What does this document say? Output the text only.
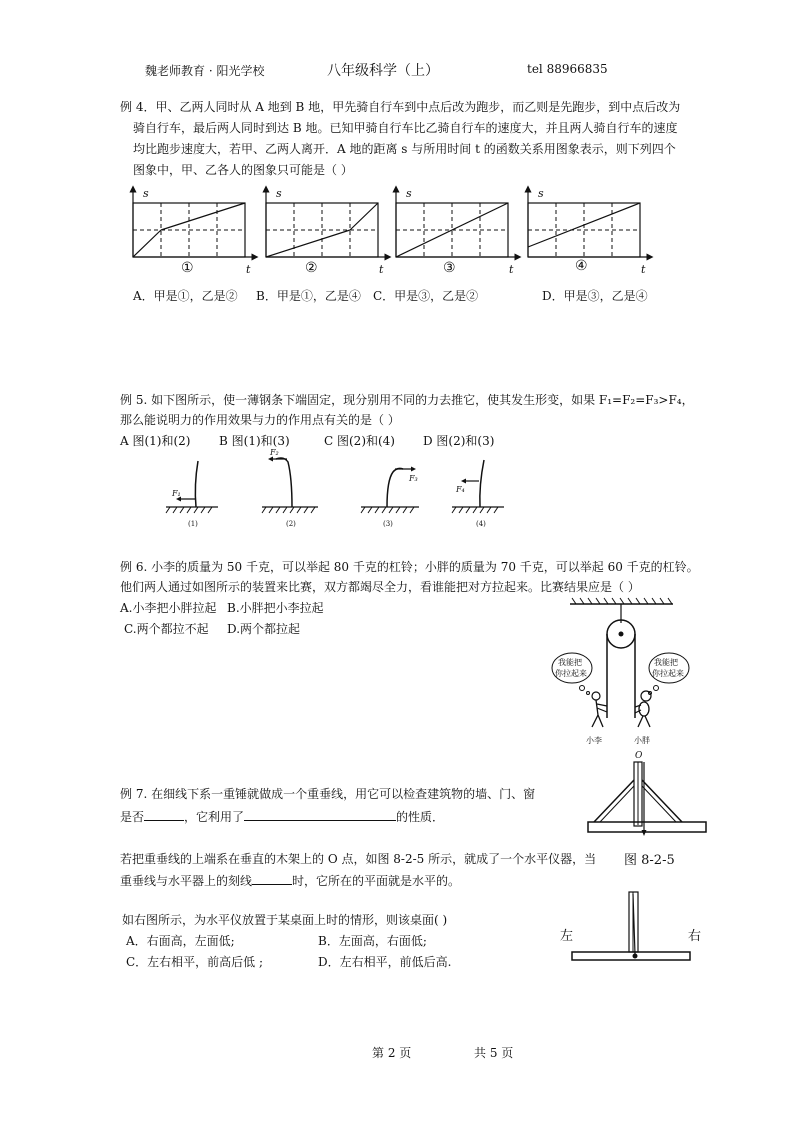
魏老师教育 · 阳光学校	八年级科学（上）	tel 88966835
例 4．甲、乙两人同时从 A 地到 B 地，甲先骑自行车到中点后改为跑步，而乙则是先跑步，到中点后改为
骑自行车，最后两人同时到达 B 地。已知甲骑自行车比乙骑自行车的速度大，并且两人骑自行车的速度
均比跑步速度大，若甲、乙两人离开．A 地的距离 s 与所用时间 t 的函数关系用图象表示，则下列四个
图象中，甲、乙各人的图象只可能是（ ）
s
t
①
s
t
②
s
t
③
s
t
④
A．甲是①，乙是② B．甲是①，乙是④ C．甲是③，乙是②	D．甲是③，乙是④
例 5. 如下图所示，使一薄钢条下端固定，现分别用不同的力去推它，使其发生形变，如果 F₁=F₂=F₃>F₄，
那么能说明力的作用效果与力的作用点有关的是（ ）
A 图(1)和(2) B 图(1)和(3)	C 图(2)和(4) D 图(2)和(3)
F₁
(1)
F₂
(2)
F₃
(3)
F₄
(4)
例 6. 小李的质量为 50 千克，可以举起 80 千克的杠铃；小胖的质量为 70 千克，可以举起 60 千克的杠铃。
他们两人通过如图所示的装置来比赛，双方都竭尽全力，看谁能把对方拉起来。比赛结果应是（ ）
A.小李把小胖拉起 B.小胖把小李拉起
C.两个都拉不起 D.两个都拉起
我能把
你拉起来
我能把
你拉起来
小李	小胖
例 7. 在细线下系一重锤就做成一个重垂线，用它可以检查建筑物的墙、门、窗
是否	，它利用了	的性质．
若把重垂线的上端系在垂直的木架上的 O 点，如图 8-2-5 所示，就成了一个水平仪器，当
重垂线与水平器上的刻线	时，它所在的平面就是水平的。
O
图 8-2-5
如右图所示，为水平仪放置于某桌面上时的情形，则该桌面( )
A．右面高，左面低;	B．左面高，右面低;
C．左右相平，前高后低 ;	D．左右相平，前低后高.
左	右
第 2 页	共 5 页
